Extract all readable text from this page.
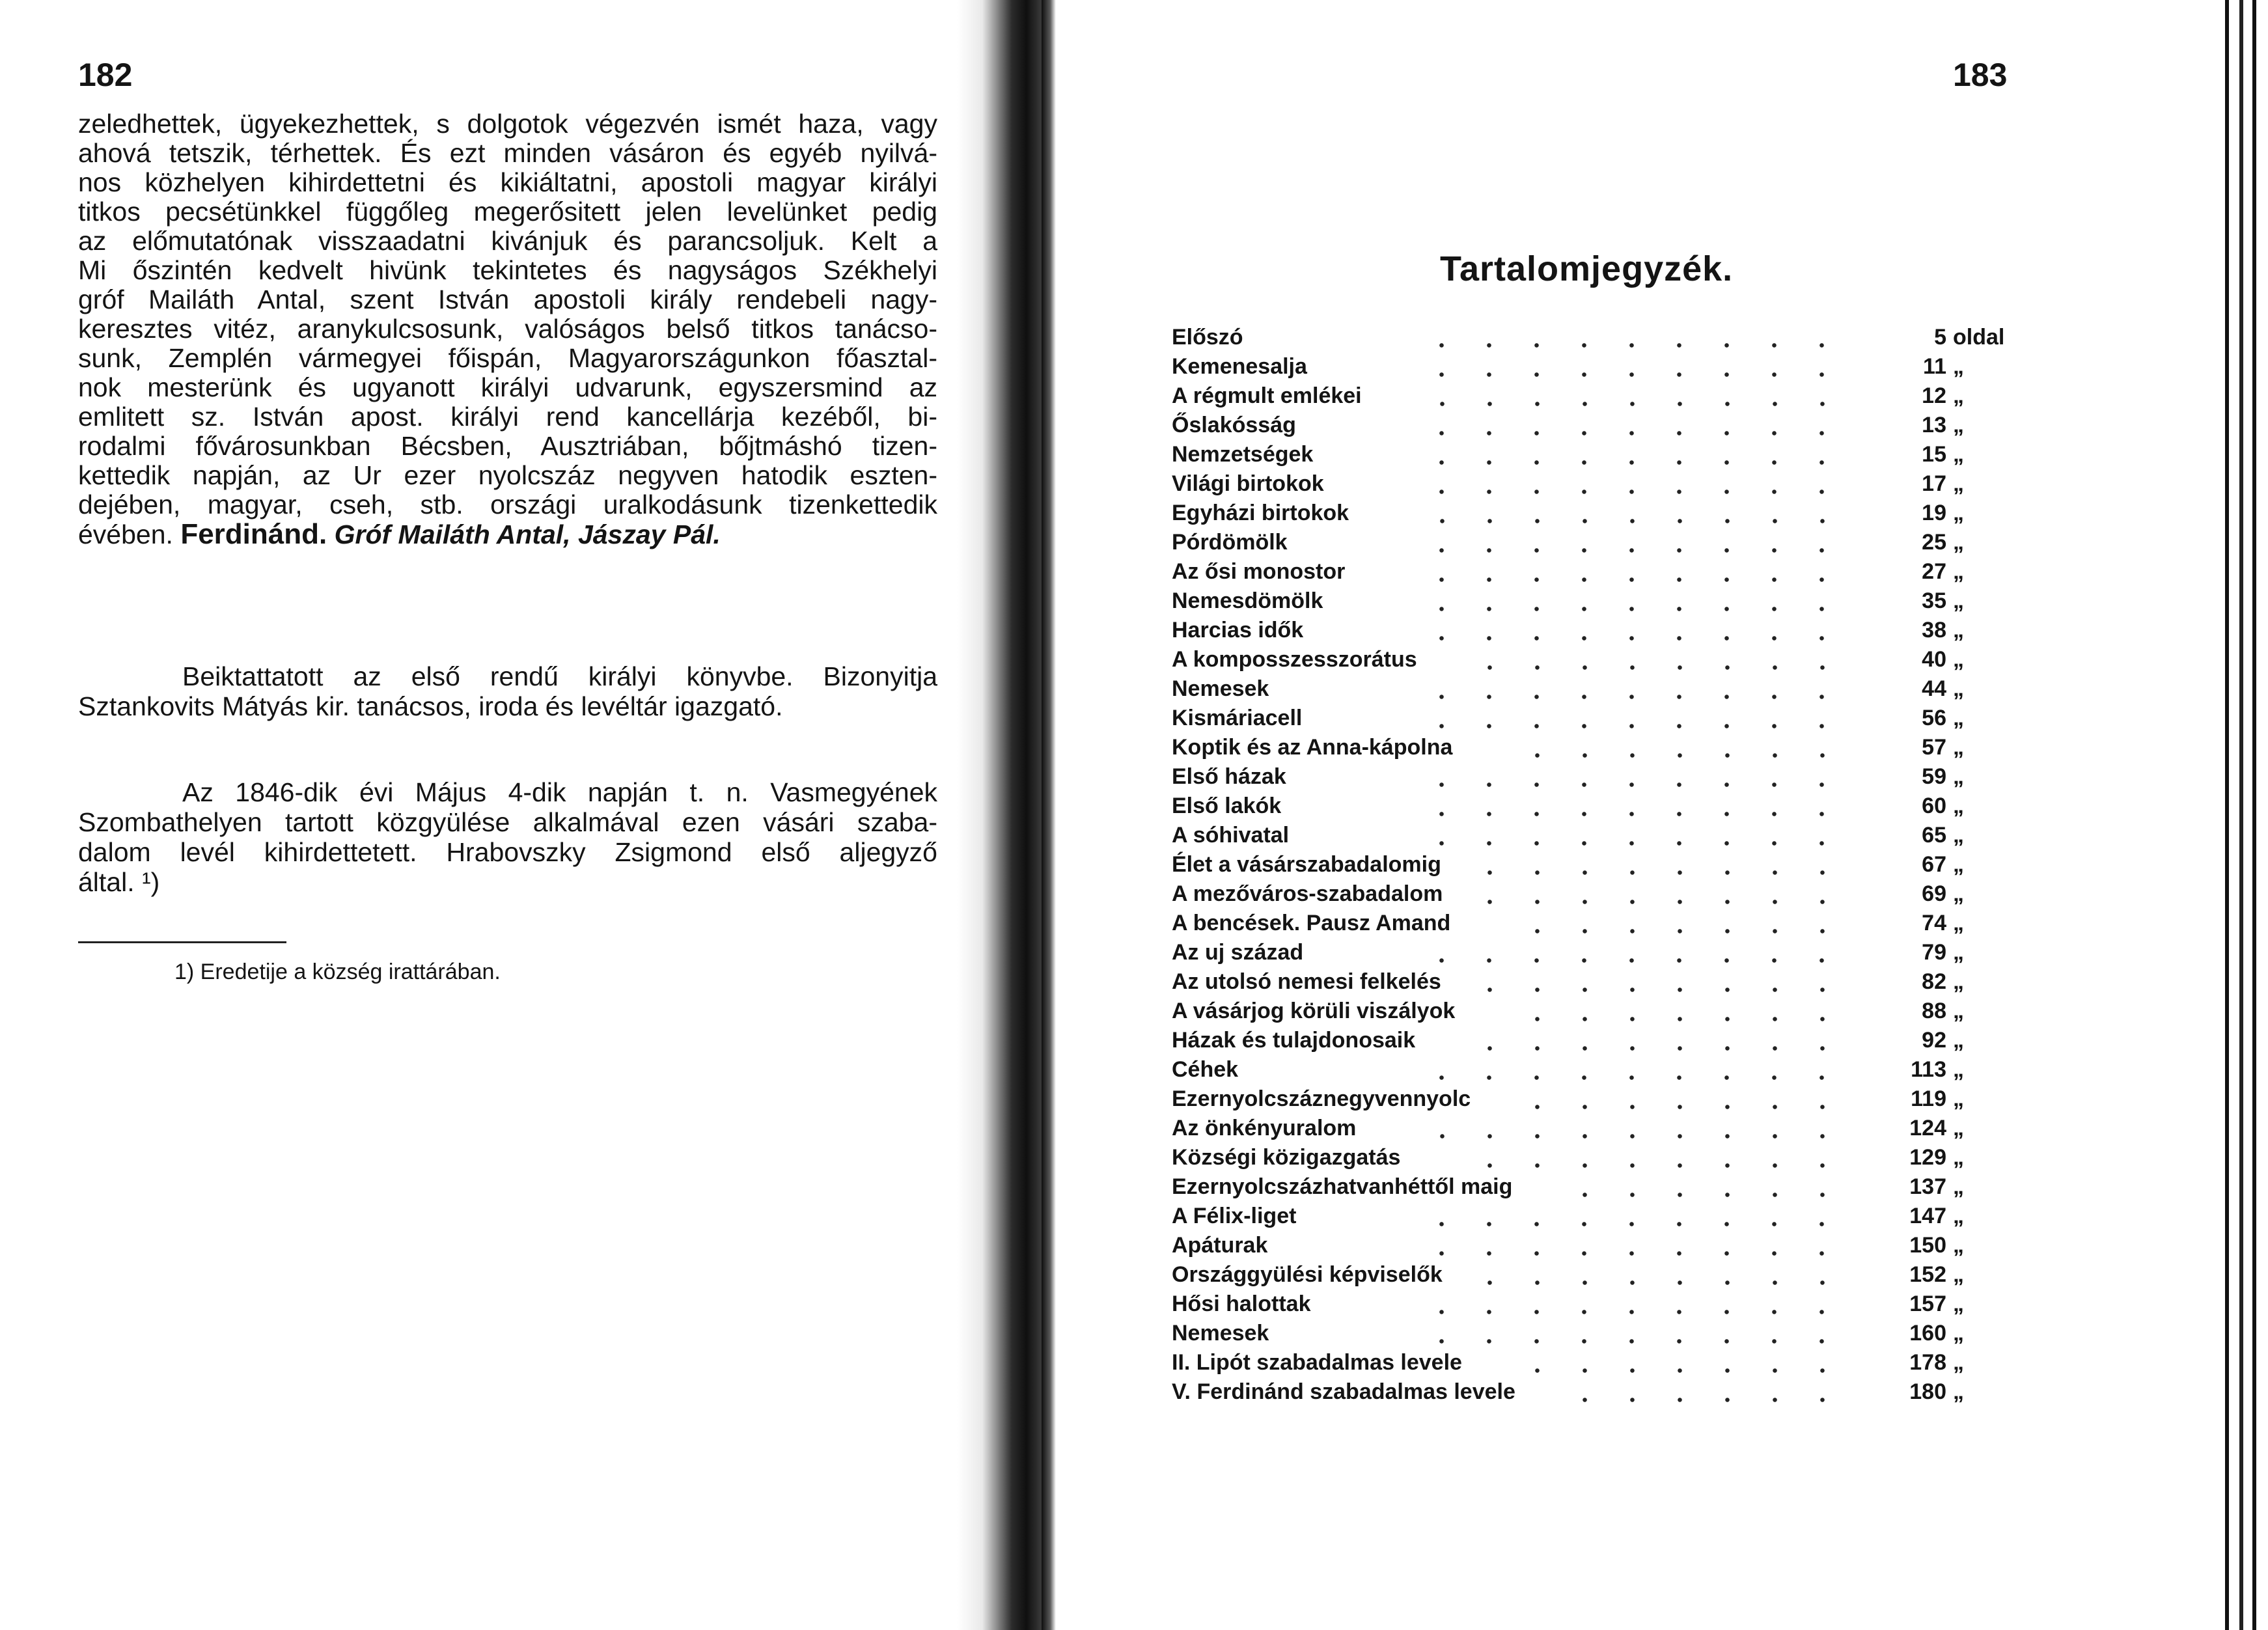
182
zeledhettek, ügyekezhettek, s dolgotok végezvén ismét haza, vagy
ahová tetszik, térhettek. És ezt minden vásáron és egyéb nyilvá-
nos közhelyen kihirdettetni és kikiáltatni, apostoli magyar királyi
titkos pecsétünkkel függőleg megerősitett jelen levelünket pedig
az előmutatónak visszaadatni kivánjuk és parancsoljuk. Kelt a
Mi őszintén kedvelt hivünk tekintetes és nagyságos Székhelyi
gróf Mailáth Antal, szent István apostoli király rendebeli nagy-
keresztes vitéz, aranykulcsosunk, valóságos belső titkos tanácso-
sunk, Zemplén vármegyei főispán, Magyarországunkon főasztal-
nok mesterünk és ugyanott királyi udvarunk, egyszersmind az
emlitett sz. István apost. királyi rend kancellárja kezéből, bi-
rodalmi fővárosunkban Bécsben, Ausztriában, bőjtmáshó tizen-
kettedik napján, az Ur ezer nyolcszáz negyven hatodik eszten-
dejében, magyar, cseh, stb. országi uralkodásunk tizenkettedik
évében. Ferdinánd. Gróf Mailáth Antal, Jászay Pál.
Beiktattatott az első rendű királyi könyvbe. Bizonyitja
Sztankovits Mátyás kir. tanácsos, iroda és levéltár igazgató.
Az 1846-dik évi Május 4-dik napján t. n. Vasmegyének
Szombathelyen tartott közgyülése alkalmával ezen vásári szaba-
dalom levél kihirdettetett. Hrabovszky Zsigmond első aljegyző
által. ¹)
1) Eredetije a község irattárában.
183
Tartalomjegyzék.
Előszó	5 oldal
Kemenesalja	11 „
A régmult emlékei	12 „
Őslakósság	13 „
Nemzetségek	15 „
Világi birtokok	17 „
Egyházi birtokok	19 „
Pórdömölk	25 „
Az ősi monostor	27 „
Nemesdömölk	35 „
Harcias idők	38 „
A komposszesszorátus	40 „
Nemesek	44 „
Kismáriacell	56 „
Koptik és az Anna-kápolna	57 „
Első házak	59 „
Első lakók	60 „
A sóhivatal	65 „
Élet a vásárszabadalomig	67 „
A mezőváros-szabadalom	69 „
A bencések. Pausz Amand	74 „
Az uj század	79 „
Az utolsó nemesi felkelés	82 „
A vásárjog körüli viszályok	88 „
Házak és tulajdonosaik	92 „
Céhek	113 „
Ezernyolcszáznegyvennyolc	119 „
Az önkényuralom	124 „
Községi közigazgatás	129 „
Ezernyolcszázhatvanhéttől maig	137 „
A Félix-liget	147 „
Apáturak	150 „
Országgyülési képviselők	152 „
Hősi halottak	157 „
Nemesek	160 „
II. Lipót szabadalmas levele	178 „
V. Ferdinánd szabadalmas levele	180 „
